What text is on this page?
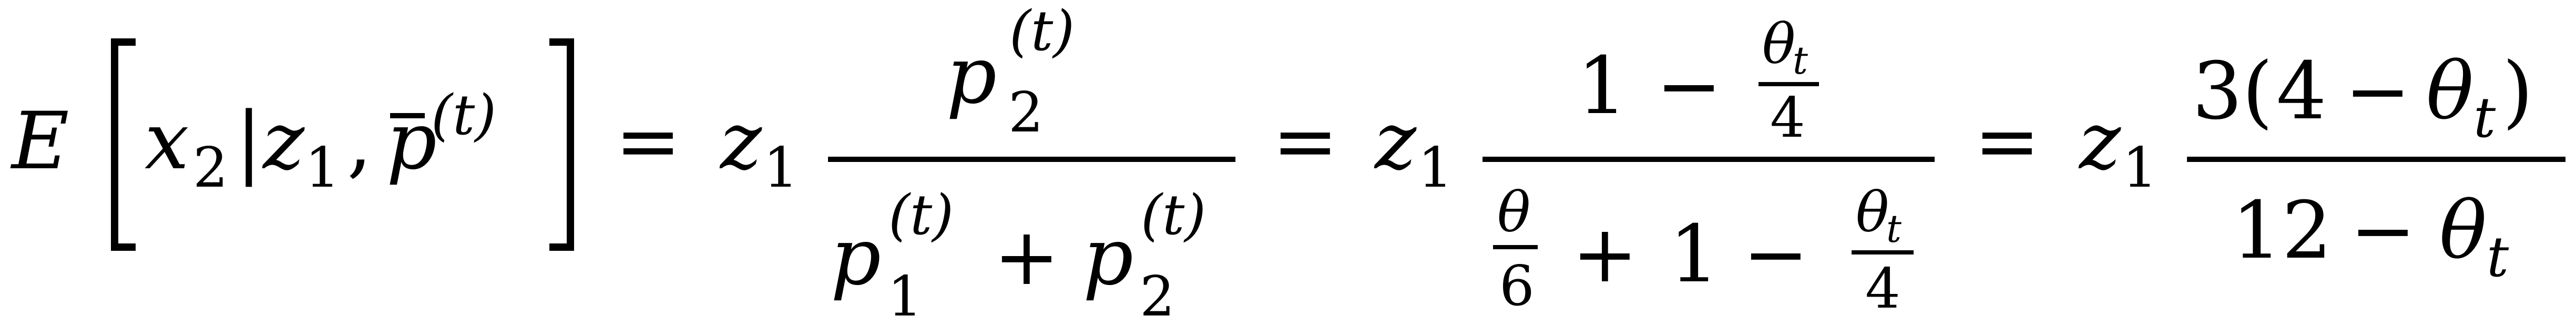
E x 2 | z 1 , p
(t) = z 1
p (t)
2
p (t)
1 + p (t)
2
= z 1
1 − θ
t
4
θ
6 + 1 − θ
t
4
= z 1
3 ( 4 − θ t )
12 − θ t
